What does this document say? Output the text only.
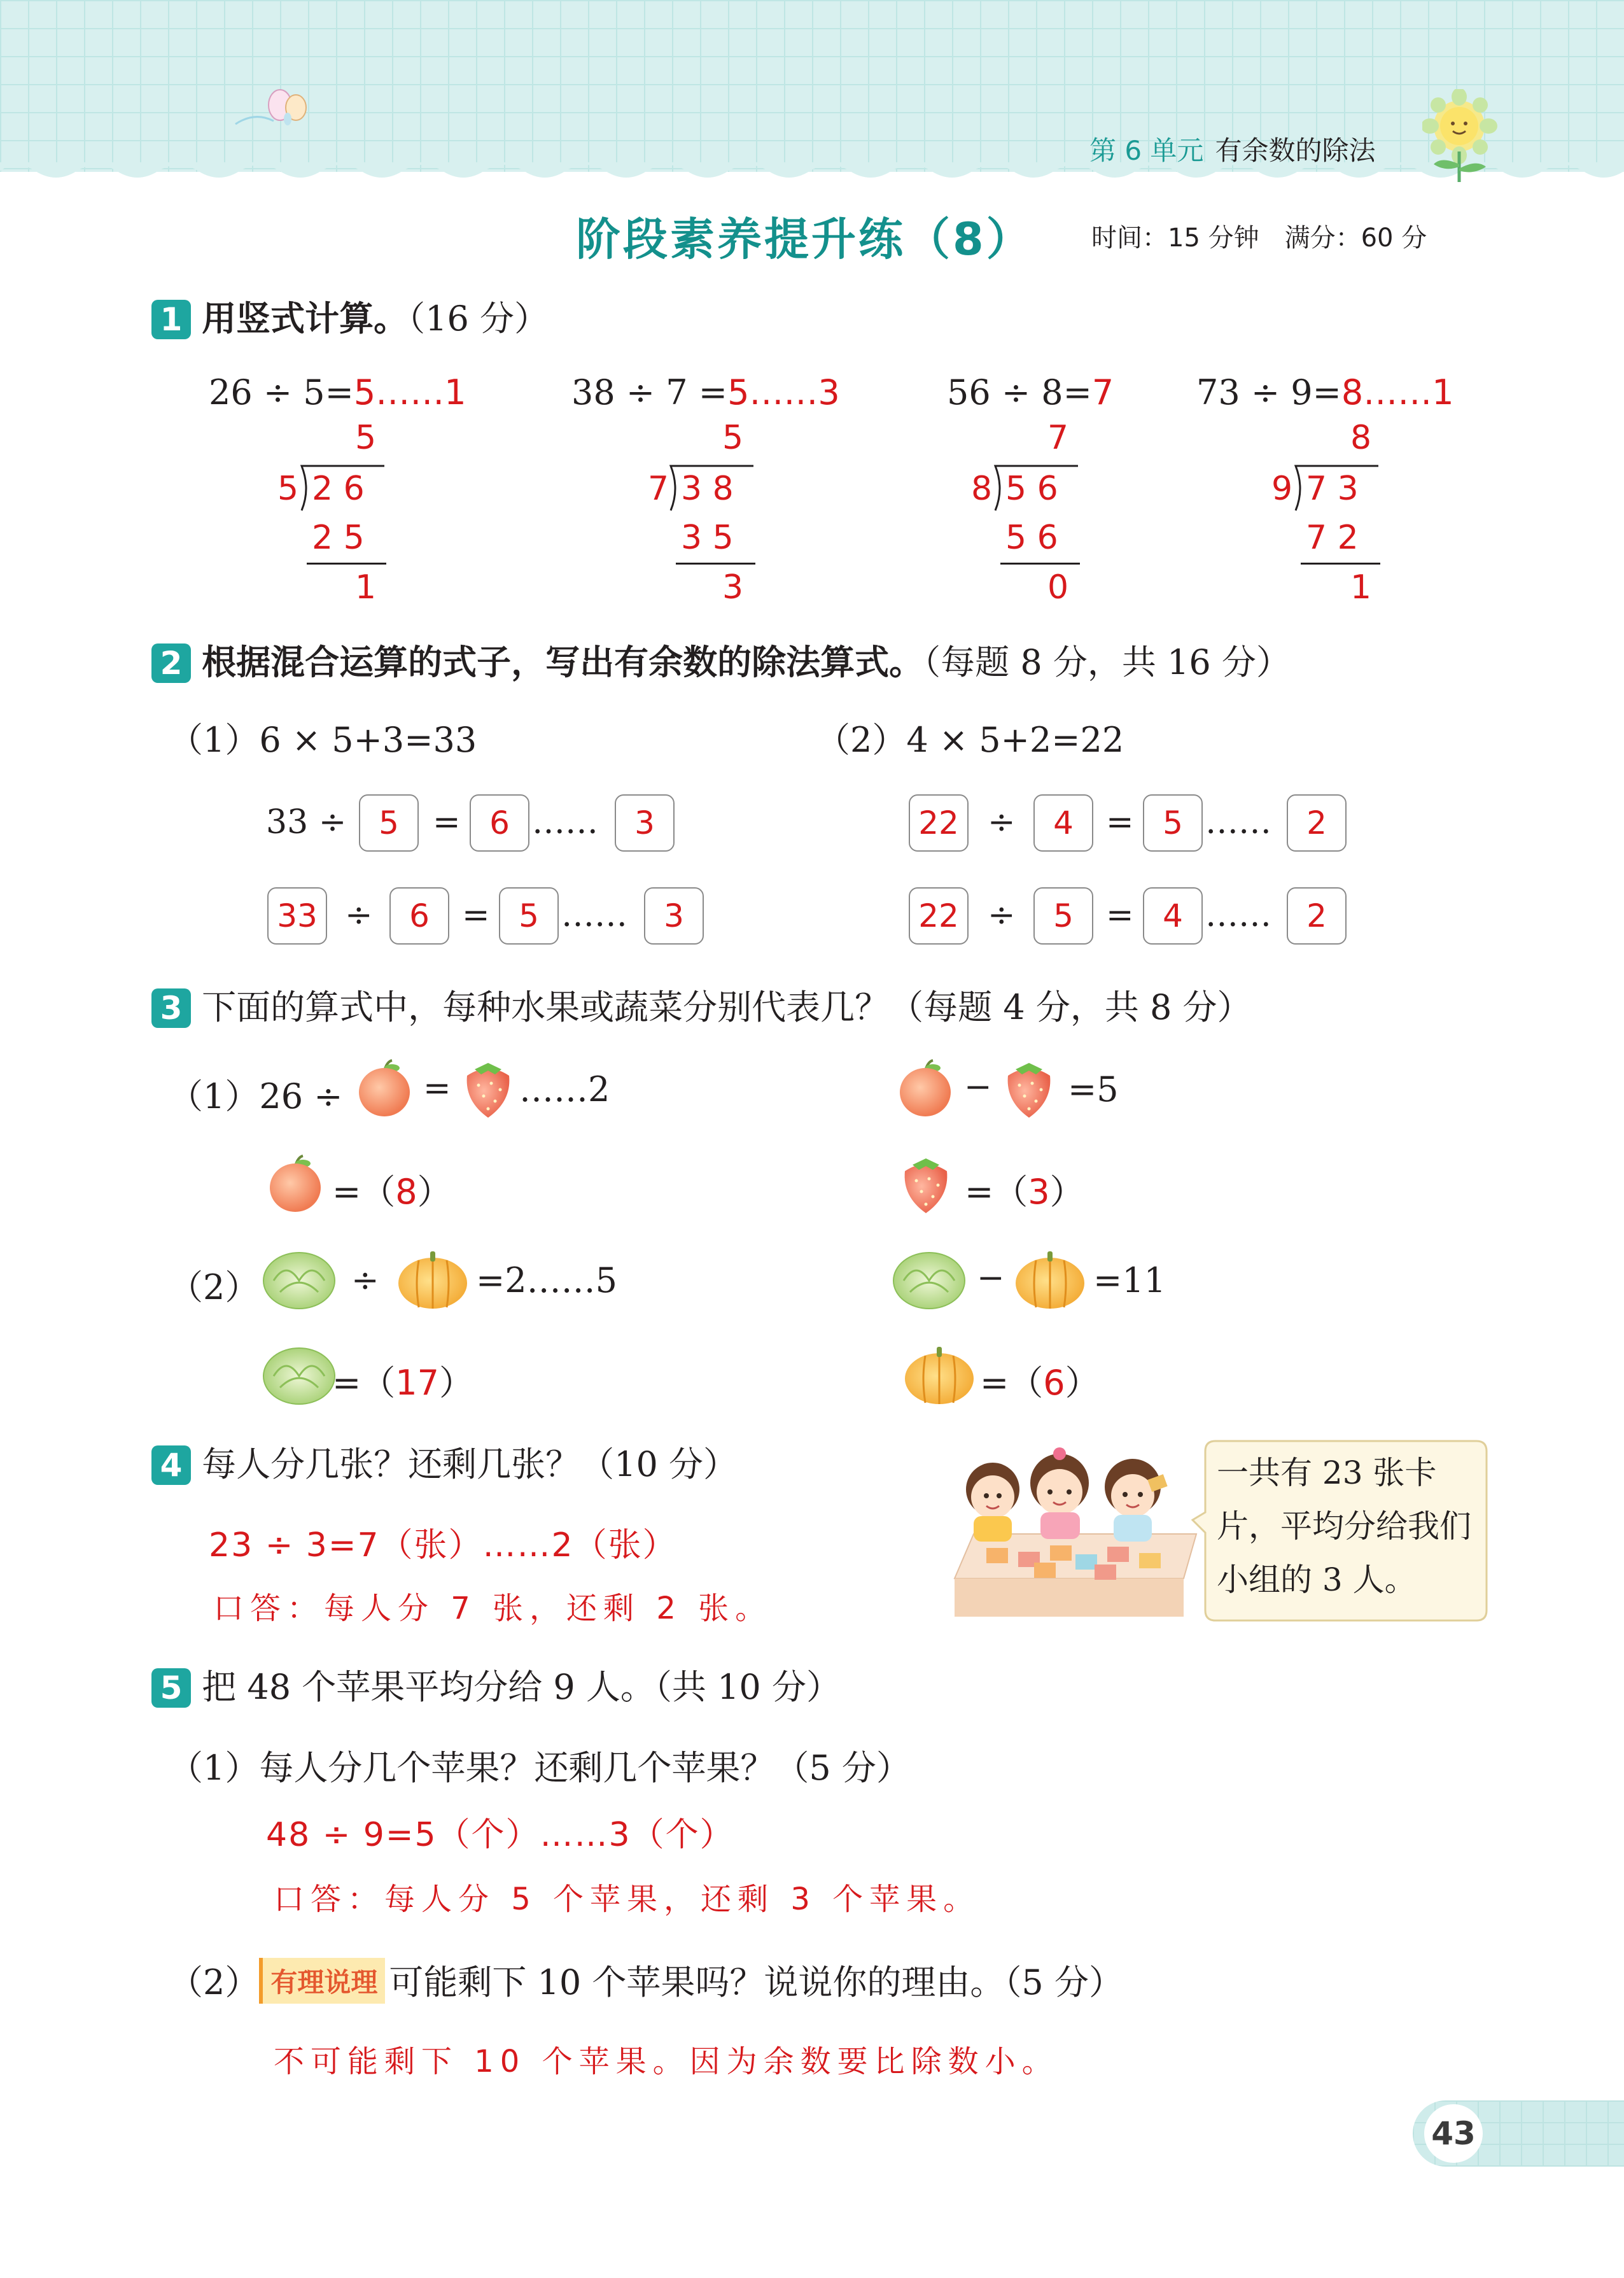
第 6 单元 有余数的除法
阶段素养提升练（8） 时间：15 分钟　满分：60 分
1 用竖式计算。（16 分）
26 ÷ 5=5……1
5
5 2 6
2 5
1
38 ÷ 7 =5……3
5
7 3 8
3 5
3
56 ÷ 8=7
7
8 5 6
5 6
0
73 ÷ 9=8……1
8
9 7 3
7 2
1
2 根据混合运算的式子，写出有余数的除法算式。（每题 8 分，共 16 分）
（1）6 × 5+3=33	（2）4 × 5+2=22
33 ÷	5	= 6 ……	3
33 ÷	6 = 5 ……	3
22 ÷	4 = 5 ……	2
22 ÷	5 = 4 ……	2
3 下面的算式中，每种水果或蔬菜分别代表几？（每题 4 分，共 8 分）
（1）26 ÷ = ……2	− =5
=（8）	=（3）
（2）	÷	=2……5	−	=11
=（17）	=（6）
4 每人分几张？还剩几张？（10 分）
23 ÷ 3=7（张）……2（张）
口答：每人分 7 张，还剩 2 张。
一共有 23 张卡片，平均分给我们小组的 3 人。
5 把 48 个苹果平均分给 9 人。（共 10 分）
（1）每人分几个苹果？还剩几个苹果？（5 分）
48 ÷ 9=5（个）……3（个）
口答：每人分 5 个苹果，还剩 3 个苹果。
（2） 有理说理 可能剩下 10 个苹果吗？说说你的理由。（5 分）
不可能剩下 10 个苹果。因为余数要比除数小。
43
